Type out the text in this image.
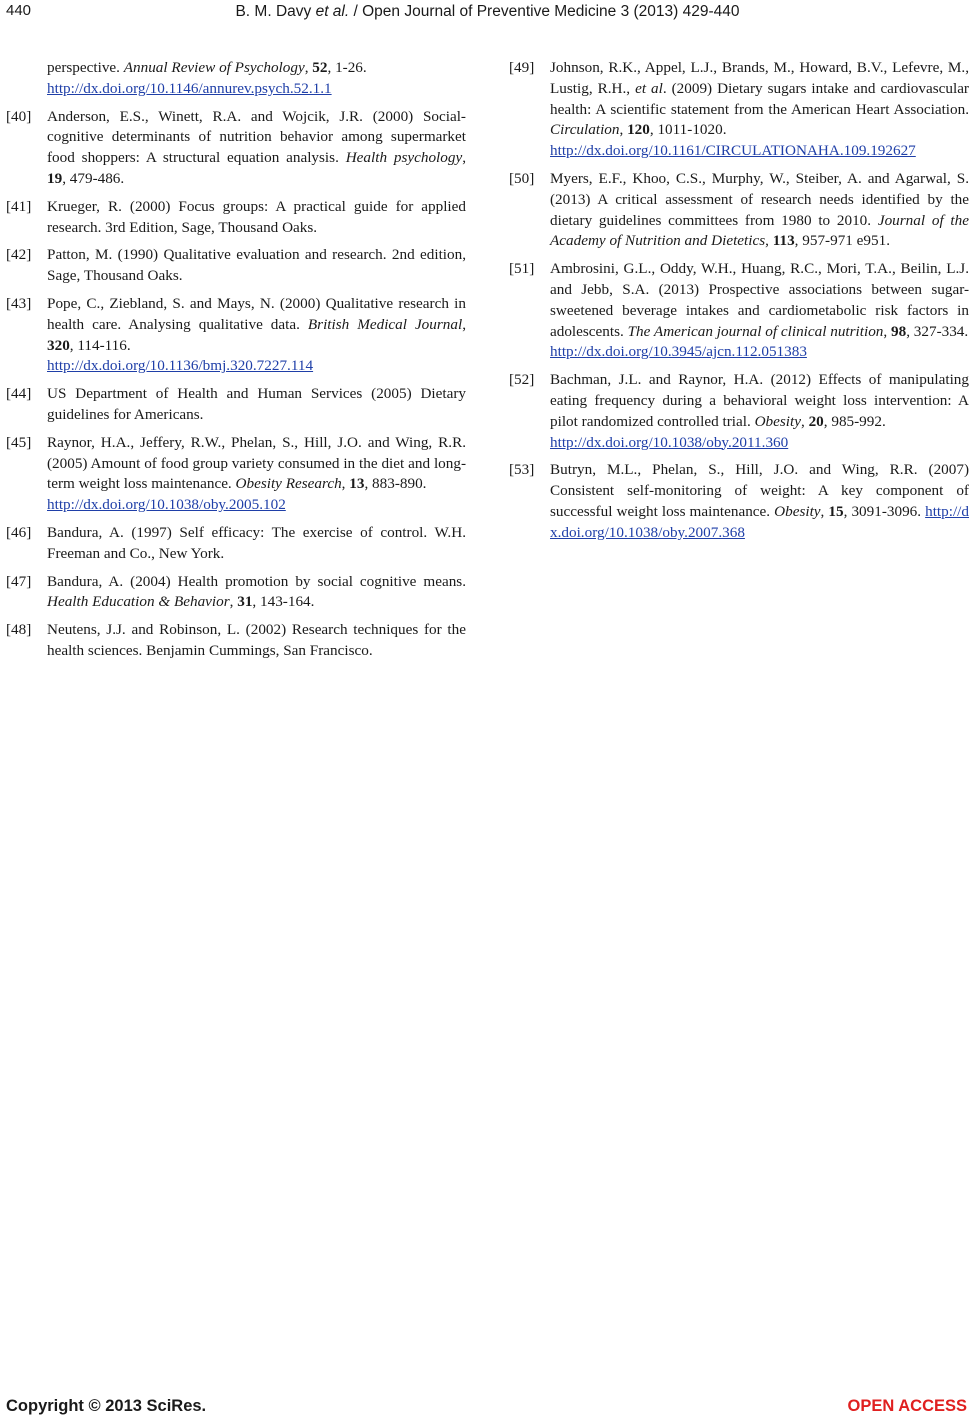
440	B. M. Davy et al. / Open Journal of Preventive Medicine 3 (2013) 429-440
perspective. Annual Review of Psychology, 52, 1-26.
http://dx.doi.org/10.1146/annurev.psych.52.1.1
[40] Anderson, E.S., Winett, R.A. and Wojcik, J.R. (2000) Social-cognitive determinants of nutrition behavior among supermarket food shoppers: A structural equation analysis. Health psychology, 19, 479-486.
[41] Krueger, R. (2000) Focus groups: A practical guide for applied research. 3rd Edition, Sage, Thousand Oaks.
[42] Patton, M. (1990) Qualitative evaluation and research. 2nd edition, Sage, Thousand Oaks.
[43] Pope, C., Ziebland, S. and Mays, N. (2000) Qualitative research in health care. Analysing qualitative data. British Medical Journal, 320, 114-116.
http://dx.doi.org/10.1136/bmj.320.7227.114
[44] US Department of Health and Human Services (2005) Dietary guidelines for Americans.
[45] Raynor, H.A., Jeffery, R.W., Phelan, S., Hill, J.O. and Wing, R.R. (2005) Amount of food group variety consumed in the diet and long-term weight loss maintenance. Obesity Research, 13, 883-890.
http://dx.doi.org/10.1038/oby.2005.102
[46] Bandura, A. (1997) Self efficacy: The exercise of control. W.H. Freeman and Co., New York.
[47] Bandura, A. (2004) Health promotion by social cognitive means. Health Education & Behavior, 31, 143-164.
[48] Neutens, J.J. and Robinson, L. (2002) Research techniques for the health sciences. Benjamin Cummings, San Francisco.
[49] Johnson, R.K., Appel, L.J., Brands, M., Howard, B.V., Lefevre, M., Lustig, R.H., et al. (2009) Dietary sugars intake and cardiovascular health: A scientific statement from the American Heart Association. Circulation, 120, 1011-1020.
http://dx.doi.org/10.1161/CIRCULATIONAHA.109.192627
[50] Myers, E.F., Khoo, C.S., Murphy, W., Steiber, A. and Agarwal, S. (2013) A critical assessment of research needs identified by the dietary guidelines committees from 1980 to 2010. Journal of the Academy of Nutrition and Dietetics, 113, 957-971 e951.
[51] Ambrosini, G.L., Oddy, W.H., Huang, R.C., Mori, T.A., Beilin, L.J. and Jebb, S.A. (2013) Prospective associations between sugar-sweetened beverage intakes and cardiometabolic risk factors in adolescents. The American journal of clinical nutrition, 98, 327-334.
http://dx.doi.org/10.3945/ajcn.112.051383
[52] Bachman, J.L. and Raynor, H.A. (2012) Effects of manipulating eating frequency during a behavioral weight loss intervention: A pilot randomized controlled trial. Obesity, 20, 985-992.
http://dx.doi.org/10.1038/oby.2011.360
[53] Butryn, M.L., Phelan, S., Hill, J.O. and Wing, R.R. (2007) Consistent self-monitoring of weight: A key component of successful weight loss maintenance. Obesity, 15, 3091-3096. http://dx.doi.org/10.1038/oby.2007.368
Copyright © 2013 SciRes.	OPEN ACCESS
